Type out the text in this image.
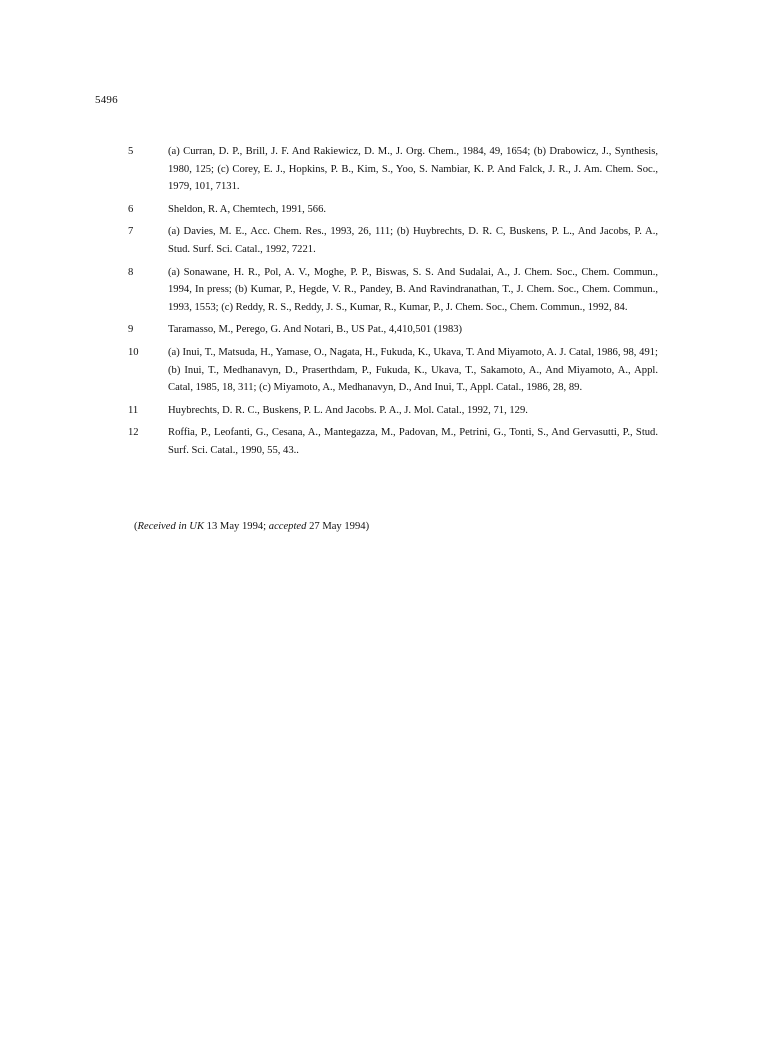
5496
5	(a) Curran, D. P., Brill, J. F. And Rakiewicz, D. M., J. Org. Chem., 1984, 49, 1654; (b) Drabowicz, J., Synthesis, 1980, 125; (c) Corey, E. J., Hopkins, P. B., Kim, S., Yoo, S. Nambiar, K. P. And Falck, J. R., J. Am. Chem. Soc., 1979, 101, 7131.
6	Sheldon, R. A, Chemtech, 1991, 566.
7	(a) Davies, M. E., Acc. Chem. Res., 1993, 26, 111; (b) Huybrechts, D. R. C, Buskens, P. L., And Jacobs, P. A., Stud. Surf. Sci. Catal., 1992, 7221.
8	(a) Sonawane, H. R., Pol, A. V., Moghe, P. P., Biswas, S. S. And Sudalai, A., J. Chem. Soc., Chem. Commun., 1994, In press; (b) Kumar, P., Hegde, V. R., Pandey, B. And Ravindranathan, T., J. Chem. Soc., Chem. Commun., 1993, 1553; (c) Reddy, R. S., Reddy, J. S., Kumar, R., Kumar, P., J. Chem. Soc., Chem. Commun., 1992, 84.
9	Taramasso, M., Perego, G. And Notari, B., US Pat., 4,410,501 (1983)
10	(a) Inui, T., Matsuda, H., Yamase, O., Nagata, H., Fukuda, K., Ukava, T. And Miyamoto, A. J. Catal, 1986, 98, 491; (b) Inui, T., Medhanavyn, D., Praserthdam, P., Fukuda, K., Ukava, T., Sakamoto, A., And Miyamoto, A., Appl. Catal, 1985, 18, 311; (c) Miyamoto, A., Medhanavyn, D., And Inui, T., Appl. Catal., 1986, 28, 89.
11	Huybrechts, D. R. C., Buskens, P. L. And Jacobs. P. A., J. Mol. Catal., 1992, 71, 129.
12	Roffia, P., Leofanti, G., Cesana, A., Mantegazza, M., Padovan, M., Petrini, G., Tonti, S., And Gervasutti, P., Stud. Surf. Sci. Catal., 1990, 55, 43..
(Received in UK 13 May 1994; accepted 27 May 1994)
